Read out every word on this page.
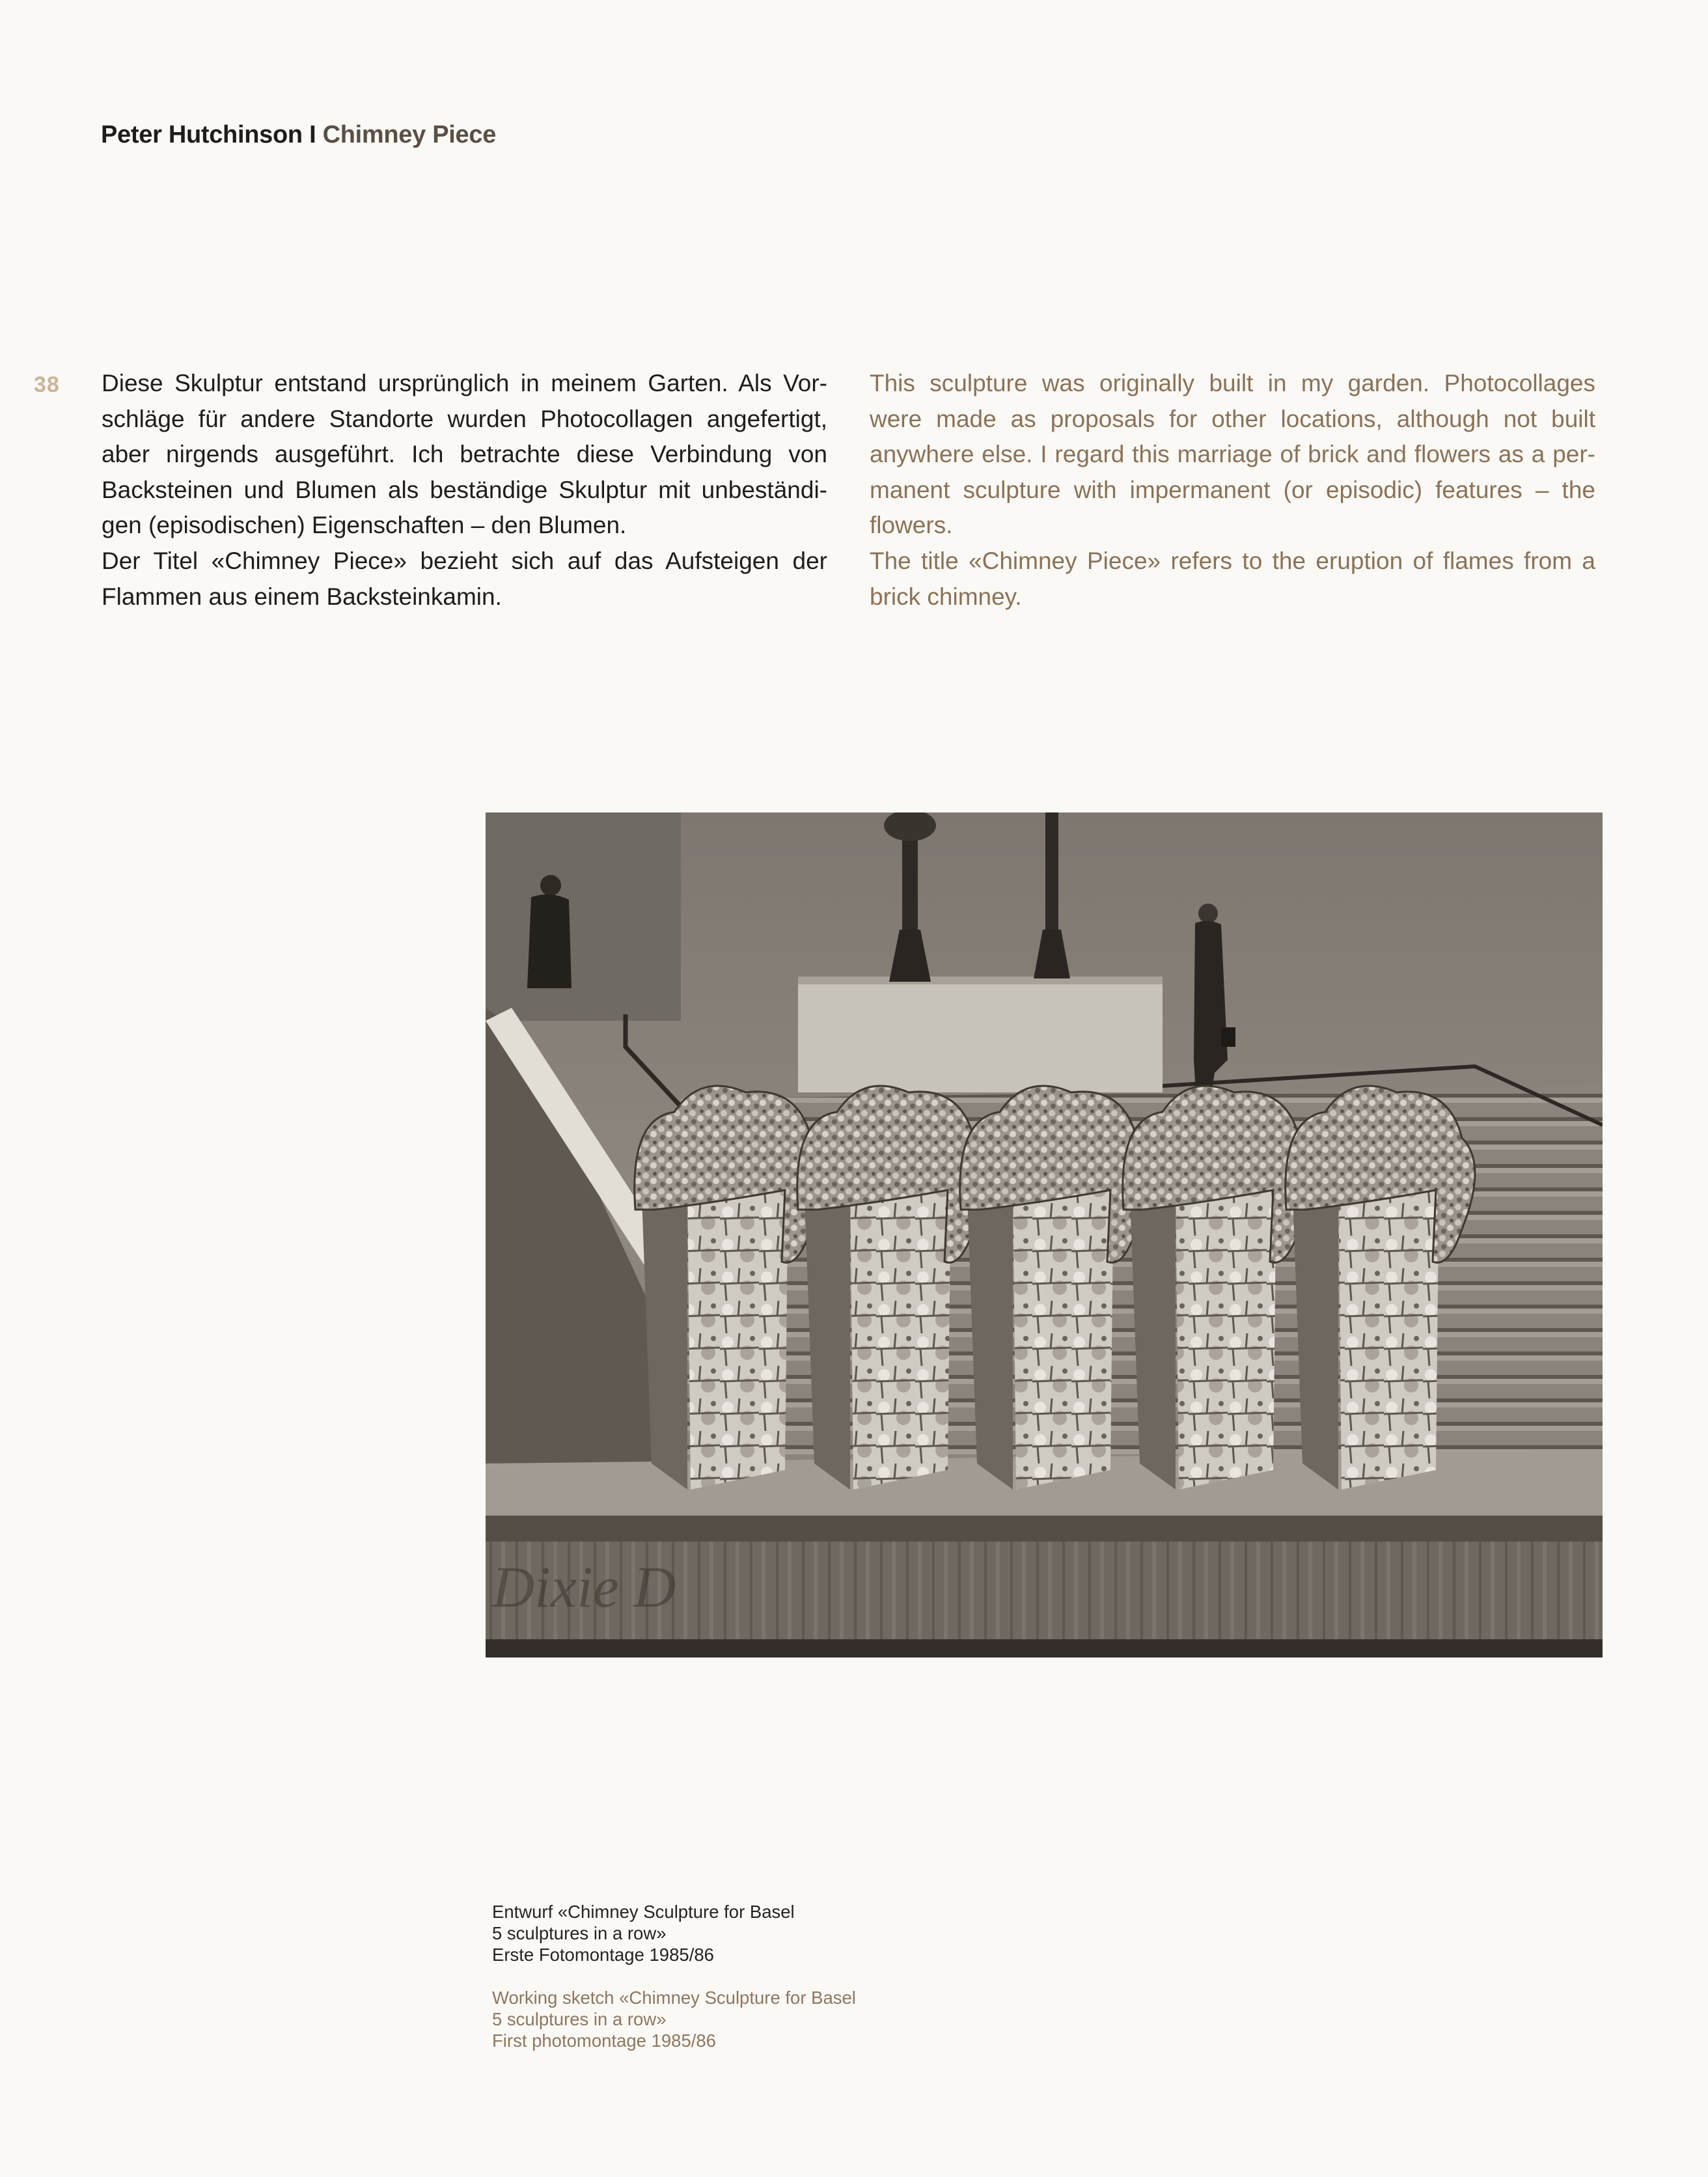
Peter Hutchinson I Chimney Piece
38 Diese Skulptur entstand ursprünglich in meinem Garten. Als Vor-
schläge für andere Standorte wurden Photocollagen angefertigt,
aber nirgends ausgeführt. Ich betrachte diese Verbindung von
Backsteinen und Blumen als beständige Skulptur mit unbeständi-
gen (episodischen) Eigenschaften – den Blumen.
Der Titel «Chimney Piece» bezieht sich auf das Aufsteigen der
Flammen aus einem Backsteinkamin.
This sculpture was originally built in my garden. Photocollages
were made as proposals for other locations, although not built
anywhere else. I regard this marriage of brick and flowers as a per-
manent sculpture with impermanent (or episodic) features – the
flowers.
The title «Chimney Piece» refers to the eruption of flames from a
brick chimney.
Dixie D
Entwurf «Chimney Sculpture for Basel
5 sculptures in a row»
Erste Fotomontage 1985/86
Working sketch «Chimney Sculpture for Basel
5 sculptures in a row»
First photomontage 1985/86
